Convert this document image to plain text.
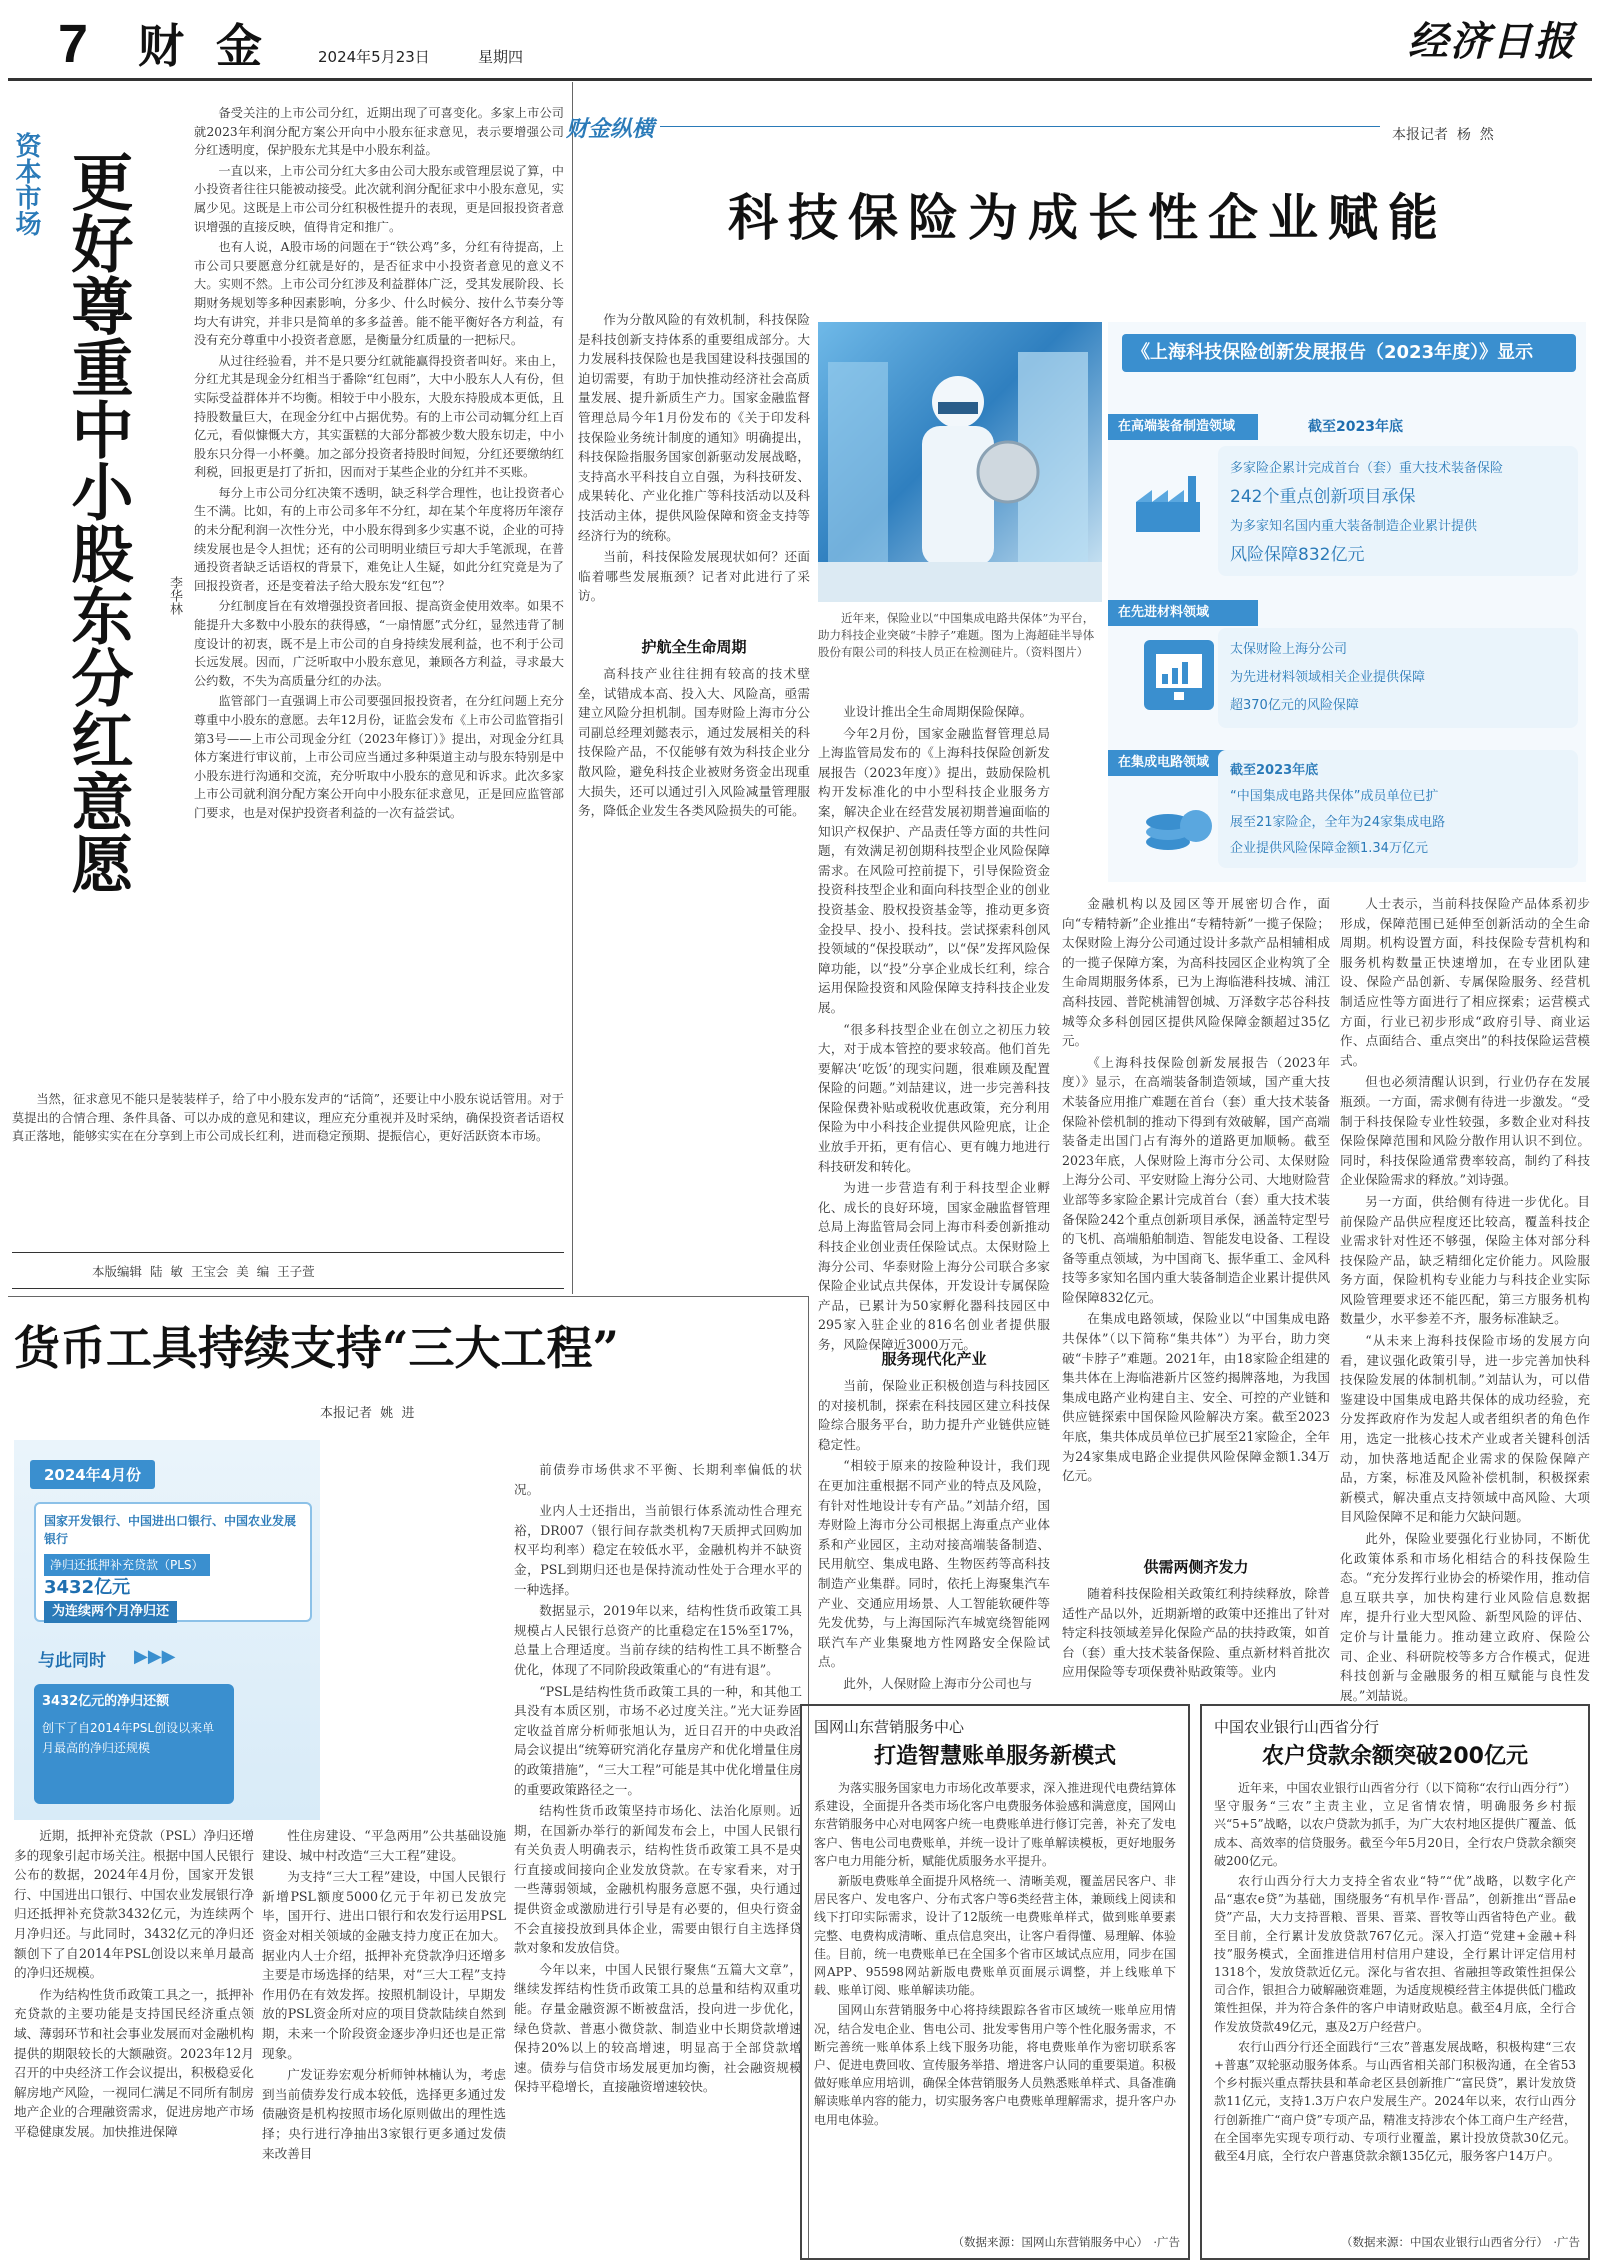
7 财  金	2024年5月23日	星期四	经济日报
资本市场 更好尊重中小股东分红意愿	李华林

备受关注的上市公司分红，近期出现了可喜变化。多家上市公司就2023年利润分配方案公开向中小股东征求意见，表示要增强公司分红透明度，保护股东尤其是中小股东利益。

一直以来，上市公司分红大多由公司大股东或管理层说了算，中小投资者往往只能被动接受。此次就利润分配征求中小股东意见，实属少见。这既是上市公司分红积极性提升的表现，更是回报投资者意识增强的直接反映，值得肯定和推广。

也有人说，A股市场的问题在于“铁公鸡”多，分红有待提高，上市公司只要愿意分红就是好的，是否征求中小投资者意见的意义不大。实则不然。上市公司分红涉及利益群体广泛，受其发展阶段、长期财务规划等多种因素影响，分多少、什么时候分、按什么节奏分等均大有讲究，并非只是简单的多多益善。能不能平衡好各方利益，有没有充分尊重中小投资者意愿，是衡量分红质量的一把标尺。

从过往经验看，并不是只要分红就能赢得投资者叫好。来由上，分红尤其是现金分红相当于番除“红包雨”，大中小股东人人有份，但实际受益群体并不均衡。相较于中小股东，大股东持股成本更低，且持股数量巨大，在现金分红中占据优势。有的上市公司动辄分红上百亿元，看似慷慨大方，其实蛋糕的大部分都被少数大股东切走，中小股东只分得一小杯羹。加之部分投资者持股时间短，分红还要缴纳红利税，回报更是打了折扣，因而对于某些企业的分红并不买账。

每分上市公司分红决策不透明，缺乏科学合理性，也让投资者心生不满。比如，有的上市公司多年不分红，却在某个年度将历年滚存的未分配利润一次性分光，中小股东得到多少实惠不说，企业的可持续发展也是令人担忧；还有的公司明明业绩巨亏却大手笔派现，在普通投资者缺乏话语权的背景下，难免让人生疑，如此分红究竟是为了回报投资者，还是变着法子给大股东发“红包”？

分红制度旨在有效增强投资者回报、提高资金使用效率。如果不能提升大多数中小股东的获得感，“一扇情愿”式分红，显然违背了制度设计的初衷，既不是上市公司的自身持续发展利益，也不利于公司长远发展。因而，广泛听取中小股东意见，兼顾各方利益，寻求最大公约数，不失为高质量分红的办法。

监管部门一直强调上市公司要强回报投资者，在分红问题上充分尊重中小股东的意愿。去年12月份，证监会发布《上市公司监管指引第3号——上市公司现金分红（2023年修订）》提出，对现金分红具体方案进行审议前，上市公司应当通过多种渠道主动与股东特别是中小股东进行沟通和交流，充分听取中小股东的意见和诉求。此次多家上市公司就利润分配方案公开向中小股东征求意见，正是回应监管部门要求，也是对保护投资者利益的一次有益尝试。

当然，征求意见不能只是装装样子，给了中小股东发声的“话筒”，还要让中小股东说话管用。对于莫提出的合情合理、条件具备、可以办成的意见和建议，理应充分重视并及时采纳，确保投资者话语权真正落地，能够实实在在分享到上市公司成长红利，进而稳定预期、提振信心，更好活跃资本市场。

本版编辑  陆  敏  王宝会  美  编  王子萱
财金纵横	本报记者  杨  然
科技保险为成长性企业赋能

作为分散风险的有效机制，科技保险是科技创新支持体系的重要组成部分。大力发展科技保险也是我国建设科技强国的迫切需要，有助于加快推动经济社会高质量发展、提升新质生产力。国家金融监督管理总局今年1月份发布的《关于印发科技保险业务统计制度的通知》明确提出，科技保险指服务国家创新驱动发展战略，支持高水平科技自立自强，为科技研发、成果转化、产业化推广等科技活动以及科技活动主体，提供风险保障和资金支持等经济行为的统称。

当前，科技保险发展现状如何？还面临着哪些发展瓶颈？记者对此进行了采访。

近年来，保险业以“中国集成电路共保体”为平台，助力科技企业突破“卡脖子”难题。图为上海超硅半导体股份有限公司的科技人员正在检测硅片。（资料图片）
《上海科技保险创新发展报告（2023年度）》显示
在高端装备制造领域	截至2023年底
多家险企累计完成首台（套）重大技术装备保险
242个重点创新项目承保
为多家知名国内重大装备制造企业累计提供
风险保障832亿元
在先进材料领域
太保财险上海分公司
为先进材料领域相关企业提供保障
超370亿元的风险保障
在集成电路领域
截至2023年底
“中国集成电路共保体”成员单位已扩
展至21家险企，全年为24家集成电路
企业提供风险保障金额1.34万亿元
护航全生命周期

高科技产业往往拥有较高的技术壁垒，试错成本高、投入大、风险高，亟需建立风险分担机制。国寿财险上海市分公司副总经理刘懿表示，通过发展相关的科技保险产品，不仅能够有效为科技企业分散风险，避免科技企业被财务资金出现重大损失，还可以通过引入风险减量管理服务，降低企业发生各类风险损失的可能。

业设计推出全生命周期保险保障。

今年2月份，国家金融监督管理总局上海监管局发布的《上海科技保险创新发展报告（2023年度）》提出，鼓励保险机构开发标准化的中小型科技企业服务方案，解决企业在经营发展初期普遍面临的知识产权保护、产品责任等方面的共性问题，有效满足初创期科技型企业风险保障需求。在风险可控前提下，引导保险资金投资科技型企业和面向科技型企业的创业投资基金、股权投资基金等，推动更多资金投早、投小、投科技。尝试探索科创风投领域的“保投联动”，以“保”发挥风险保障功能，以“投”分享企业成长红利，综合运用保险投资和风险保障支持科技企业发展。

“很多科技型企业在创立之初压力较大，对于成本管控的要求较高。他们首先要解决‘吃饭’的现实问题，很难顾及配置保险的问题。”刘喆建议，进一步完善科技保险保费补贴或税收优惠政策，充分利用保险为中小科技企业提供风险兜底，让企业放手开拓，更有信心、更有魄力地进行科技研发和转化。

为进一步营造有利于科技型企业孵化、成长的良好环境，国家金融监督管理总局上海监管局会同上海市科委创新推动科技企业创业责任保险试点。太保财险上海分公司、华泰财险上海分公司联合多家保险企业试点共保体，开发设计专属保险产品，已累计为50家孵化器科技园区中295家入驻企业的816名创业者提供服务，风险保障近3000万元。

服务现代化产业

当前，保险业正积极创造与科技园区的对接机制，探索在科技园区建立科技保险综合服务平台，助力提升产业链供应链稳定性。

“相较于原来的按险种设计，我们现在更加注重根据不同产业的特点及风险，有针对性地设计专有产品。”刘喆介绍，国寿财险上海市分公司根据上海重点产业体系和产业园区，主动对接高端装备制造、民用航空、集成电路、生物医药等高科技制造产业集群。同时，依托上海聚集汽车产业、交通应用场景、人工智能软硬件等先发优势，与上海国际汽车城宽绕智能网联汽车产业集聚地方性网路安全保险试点。

此外，人保财险上海市分公司也与

金融机构以及园区等开展密切合作，面向“专精特新”企业推出“专精特新”一揽子保险；太保财险上海分公司通过设计多款产品相辅相成的一揽子保障方案，为高科技园区企业构筑了全生命周期服务体系，已为上海临港科技城、浦江高科技园、普陀桃浦智创城、万泽数字芯谷科技城等众多科创园区提供风险保障金额超过35亿元。

《上海科技保险创新发展报告（2023年度）》显示，在高端装备制造领域，国产重大技术装备应用推广难题在首台（套）重大技术装备保险补偿机制的推动下得到有效破解，国产高端装备走出国门占有海外的道路更加顺畅。截至2023年底，人保财险上海市分公司、太保财险上海分公司、平安财险上海分公司、大地财险营业部等多家险企累计完成首台（套）重大技术装备保险242个重点创新项目承保，涵盖特定型号的飞机、高端船舶制造、智能发电设备、工程设备等重点领域，为中国商飞、振华重工、金风科技等多家知名国内重大装备制造企业累计提供风险保障832亿元。

在集成电路领域，保险业以“中国集成电路共保体”（以下简称“集共体”）为平台，助力突破“卡脖子”难题。2021年，由18家险企组建的集共体在上海临港新片区签约揭牌落地，为我国集成电路产业构建自主、安全、可控的产业链和供应链探索中国保险风险解决方案。截至2023年底，集共体成员单位已扩展至21家险企，全年为24家集成电路企业提供风险保障金额1.34万亿元。

供需两侧齐发力

随着科技保险相关政策红利持续释放，除普适性产品以外，近期新增的政策中还推出了针对特定科技领域差异化保险产品的扶持政策，如首台（套）重大技术装备保险、重点新材料首批次应用保险等专项保费补贴政策等。业内

人士表示，当前科技保险产品体系初步形成，保障范围已延伸至创新活动的全生命周期。机构设置方面，科技保险专营机构和服务机构数量正快速增加，在专业团队建设、保险产品创新、专属保险服务、经营机制适应性等方面进行了相应探索；运营模式方面，行业已初步形成“政府引导、商业运作、点面结合、重点突出”的科技保险运营模式。

但也必须清醒认识到，行业仍存在发展瓶颈。一方面，需求侧有待进一步激发。“受制于科技保险专业性较强，多数企业对科技保险保障范围和风险分散作用认识不到位。同时，科技保险通常费率较高，制约了科技企业保险需求的释放。”刘诗强。

另一方面，供给侧有待进一步优化。目前保险产品供应程度还比较高，覆盖科技企业需求针对性还不够强，保险主体对部分科技保险产品，缺乏精细化定价能力。风险服务方面，保险机构专业能力与科技企业实际风险管理要求还不能匹配，第三方服务机构数量少，水平参差不齐，服务标准缺乏。

“从未来上海科技保险市场的发展方向看，建议强化政策引导，进一步完善加快科技保险发展的体制机制。”刘喆认为，可以借鉴建设中国集成电路共保体的成功经验，充分发挥政府作为发起人或者组织者的角色作用，选定一批核心技术产业或者关键科创活动，加快落地适配企业需求的保险保障产品，方案，标准及风险补偿机制，积极探索新模式，解决重点支持领域中高风险、大项目风险保障不足和能力欠缺问题。

此外，保险业要强化行业协同，不断优化政策体系和市场化相结合的科技保险生态。“充分发挥行业协会的桥梁作用，推动信息互联共享，加快构建行业风险信息数据库，提升行业大型风险、新型风险的评估、定价与计量能力。推动建立政府、保险公司、企业、科研院校等多方合作模式，促进科技创新与金融服务的相互赋能与良性发展。”刘喆说。

货币工具持续支持“三大工程”
本报记者  姚  进
2024年4月份
国家开发银行、中国进出口银行、中国农业发展银行
净归还抵押补充贷款（PLS）
3432亿元
为连续两个月净归还
与此同时 ▶▶▶
3432亿元的净归还额
创下了自2014年PSL创设以来单月最高的净归还规模

近期，抵押补充贷款（PSL）净归还增多的现象引起市场关注。根据中国人民银行公布的数据，2024年4月份，国家开发银行、中国进出口银行、中国农业发展银行净归还抵押补充贷款3432亿元，为连续两个月净归还。与此同时，3432亿元的净归还额创下了自2014年PSL创设以来单月最高的净归还规模。

作为结构性货币政策工具之一，抵押补充贷款的主要功能是支持国民经济重点领域、薄弱环节和社会事业发展而对金融机构提供的期限较长的大额融资。2023年12月召开的中央经济工作会议提出，积极稳妥化解房地产风险，一视同仁满足不同所有制房地产企业的合理融资需求，促进房地产市场平稳健康发展。加快推进保障

性住房建设、“平急两用”公共基础设施建设、城中村改造“三大工程”建设。

为支持“三大工程”建设，中国人民银行新增PSL额度5000亿元于年初已发放完毕，国开行、进出口银行和农发行运用PSL资金对相关领域的金融支持力度正在加大。据业内人士介绍，抵押补充贷款净归还增多主要是市场选择的结果，对“三大工程”支持作用仍在有效发挥。按照机制设计，早期发放的PSL资金所对应的项目贷款陆续自然到期，未来一个阶段资金逐步净归还也是正常现象。

广发证券宏观分析师钟林楠认为，考虑到当前债券发行成本较低，选择更多通过发债融资是机构按照市场化原则做出的理性选择；央行进行净抽出3家银行更多通过发债来改善目

前债券市场供求不平衡、长期利率偏低的状况。

业内人士还指出，当前银行体系流动性合理充裕，DR007（银行间存款类机构7天质押式回购加权平均利率）稳定在较低水平，金融机构并不缺资金，PSL到期归还也是保持流动性处于合理水平的一种选择。

数据显示，2019年以来，结构性货币政策工具规模占人民银行总资产的比重稳定在15%至17%，总量上合理适度。当前存续的结构性工具不断整合优化，体现了不同阶段政策重心的“有进有退”。

“PSL是结构性货币政策工具的一种，和其他工具没有本质区别，市场不必过度关注。”光大证券固定收益首席分析师张旭认为，近日召开的中央政治局会议提出“统筹研究消化存量房产和优化增量住房的政策措施”，“三大工程”可能是其中优化增量住房的重要政策路径之一。

结构性货币政策坚持市场化、法治化原则。近期，在国新办举行的新闻发布会上，中国人民银行有关负责人明确表示，结构性货币政策工具不是央行直接或间接向企业发放贷款。在专家看来，对于一些薄弱领域，金融机构服务意愿不强，央行通过提供资金或激励进行引导是有必要的，但央行资金不会直接投放到具体企业，需要由银行自主选择贷款对象和发放信贷。

今年以来，中国人民银行聚焦“五篇大文章”，继续发挥结构性货币政策工具的总量和结构双重功能。存量金融资源不断被盘活，投向进一步优化，绿色贷款、普惠小微贷款、制造业中长期贷款增速保持20%以上的较高增速，明显高于全部贷款增速。债券与信贷市场发展更加均衡，社会融资规模保持平稳增长，直接融资增速较快。

国网山东营销服务中心
打造智慧账单服务新模式

为落实服务国家电力市场化改革要求，深入推进现代电费结算体系建设，全面提升各类市场化客户电费服务体验感和满意度，国网山东营销服务中心对电网客户统一电费账单进行修订完善，补充了发电客户、售电公司电费账单，并统一设计了账单解读模板，更好地服务客户电力用能分析，赋能优质服务水平提升。

新版电费账单全面提升风格统一、清晰美观，覆盖居民客户、非居民客户、发电客户、分布式客户等6类经营主体，兼顾线上阅读和线下打印实际需求，设计了12版统一电费账单样式，做到账单要素完整、电费构成清晰、重点信息突出，让客户看得懂、易理解、体验佳。目前，统一电费账单已在全国多个省市区域试点应用，同步在国网APP、95598网站新版电费账单页面展示调整，并上线账单下载、账单订阅、账单解读功能。

国网山东营销服务中心将持续跟踪各省市区域统一账单应用情况，结合发电企业、售电公司、批发零售用户等个性化服务需求，不断完善统一账单体系上线下服务功能，将电费账单作为密切联系客户、促进电费回收、宣传服务举措、增进客户认同的重要渠道。积极做好账单应用培训，确保全体营销服务人员熟悉账单样式、具备准确解读账单内容的能力，切实服务客户电费账单理解需求，提升客户办电用电体验。

（数据来源：国网山东营销服务中心） ·广告
中国农业银行山西省分行
农户贷款余额突破200亿元

近年来，中国农业银行山西省分行（以下简称“农行山西分行”）坚守服务“三农”主责主业，立足省情农情，明确服务乡村振兴“5+5”战略，以农户贷款为抓手，为广大农村地区提供广覆盖、低成本、高效率的信贷服务。截至今年5月20日，全行农户贷款余额突破200亿元。

农行山西分行大力支持全省农业“特”“优”战略，以数字化产品“惠农e贷”为基础，围绕服务“有机旱作·晋品”，创新推出“晋品e贷”产品，大力支持晋粮、晋果、晋菜、晋牧等山西省特色产业。截至目前，全行累计发放贷款767亿元。深入打造“党建+金融+科技”服务模式，全面推进信用村信用户建设，全行累计评定信用村1318个，发放贷款近亿元。深化与省农担、省融担等政策性担保公司合作，银担合力破解融资难题，为适度规模经营主体提供低门槛政策性担保，并为符合条件的客户申请财政贴息。截至4月底，全行合作发放贷款49亿元，惠及2万户经营户。

农行山西分行还全面践行“三农”普惠发展战略，积极构建“三农+普惠”双轮驱动服务体系。与山西省相关部门积极沟通，在全省53个乡村振兴重点帮扶县和革命老区县创新推广“富民贷”，累计发放贷款11亿元，支持1.3万户农户发展生产。2024年以来，农行山西分行创新推广“商户贷”专项产品，精准支持涉农个体工商户生产经营，在全国率先实现专项行动、专项行业覆盖，累计投放贷款30亿元。截至4月底，全行农户普惠贷款余额135亿元，服务客户14万户。

（数据来源：中国农业银行山西省分行） ·广告
